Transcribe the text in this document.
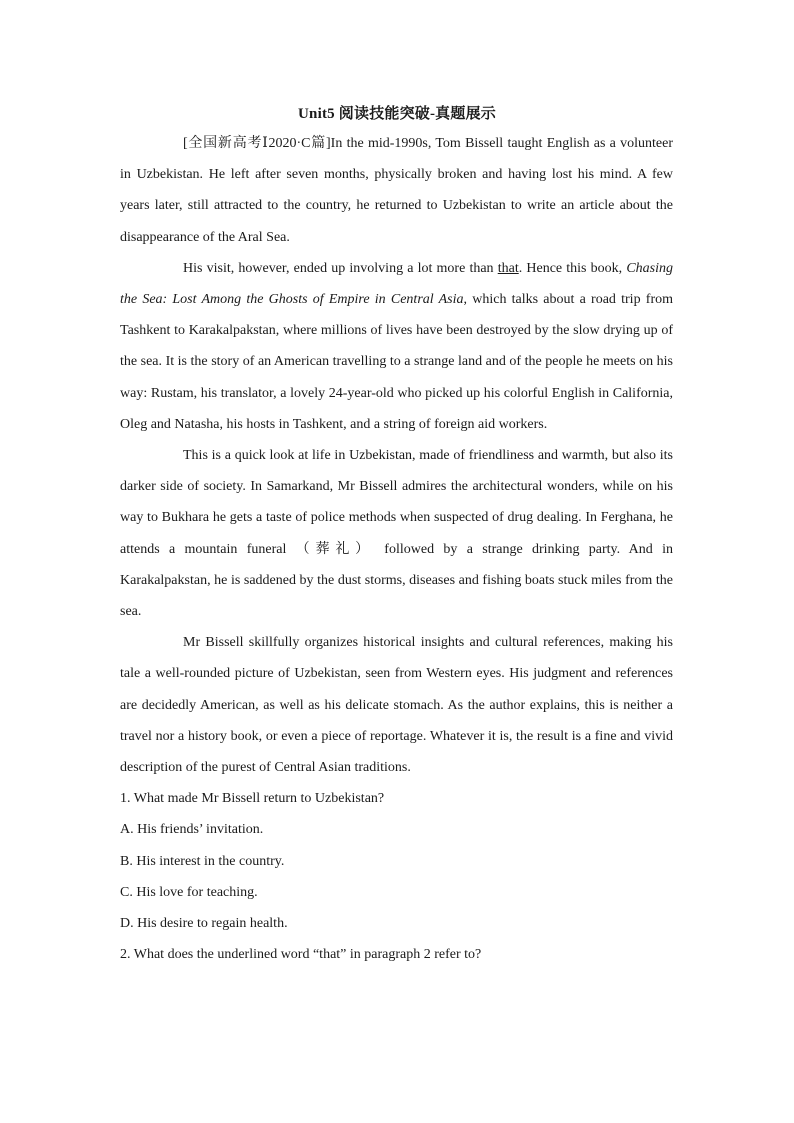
Unit5 阅读技能突破-真题展示

[全国新高考Ⅰ2020·C篇]In the mid-1990s, Tom Bissell taught English as a volunteer in Uzbekistan. He left after seven months, physically broken and having lost his mind. A few years later, still attracted to the country, he returned to Uzbekistan to write an article about the disappearance of the Aral Sea.

His visit, however, ended up involving a lot more than that. Hence this book, Chasing the Sea: Lost Among the Ghosts of Empire in Central Asia, which talks about a road trip from Tashkent to Karakalpakstan, where millions of lives have been destroyed by the slow drying up of the sea. It is the story of an American travelling to a strange land and of the people he meets on his way: Rustam, his translator, a lovely 24-year-old who picked up his colorful English in California, Oleg and Natasha, his hosts in Tashkent, and a string of foreign aid workers.

This is a quick look at life in Uzbekistan, made of friendliness and warmth, but also its darker side of society. In Samarkand, Mr Bissell admires the architectural wonders, while on his way to Bukhara he gets a taste of police methods when suspected of drug dealing. In Ferghana, he attends a mountain funeral （葬礼） followed by a strange drinking party. And in Karakalpakstan, he is saddened by the dust storms, diseases and fishing boats stuck miles from the sea.

Mr Bissell skillfully organizes historical insights and cultural references, making his tale a well-rounded picture of Uzbekistan, seen from Western eyes. His judgment and references are decidedly American, as well as his delicate stomach. As the author explains, this is neither a travel nor a history book, or even a piece of reportage. Whatever it is, the result is a fine and vivid description of the purest of Central Asian traditions.

1. What made Mr Bissell return to Uzbekistan?

A. His friends’ invitation.

B. His interest in the country.

C. His love for teaching.

D. His desire to regain health.

2. What does the underlined word “that” in paragraph 2 refer to?
